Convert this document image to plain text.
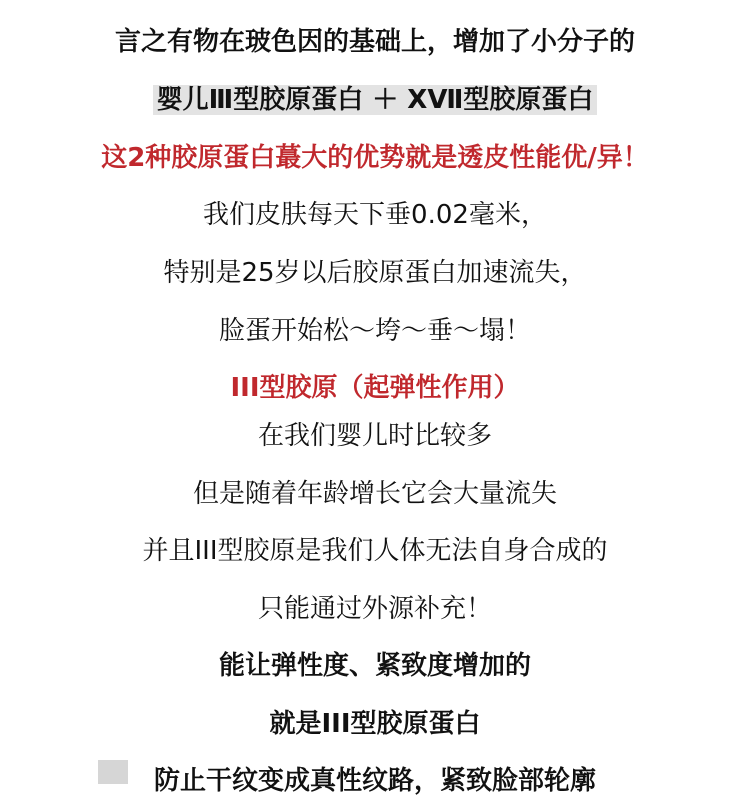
言之有物在玻色因的基础上，增加了小分子的
婴儿Ⅲ型胶原蛋白 ＋ ⅩⅦ型胶原蛋白
这2种胶原蛋白蕞大的优势就是透皮性能优/异！
我们皮肤每天下垂0.02毫米，
特别是25岁以后胶原蛋白加速流失，
脸蛋开始松～垮～垂～塌！
III型胶原（起弹性作用）
在我们婴儿时比较多
但是随着年龄增长它会大量流失
并且III型胶原是我们人体无法自身合成的
只能通过外源补充！
能让弹性度、紧致度增加的
就是III型胶原蛋白
防止干纹变成真性纹路，紧致脸部轮廓
